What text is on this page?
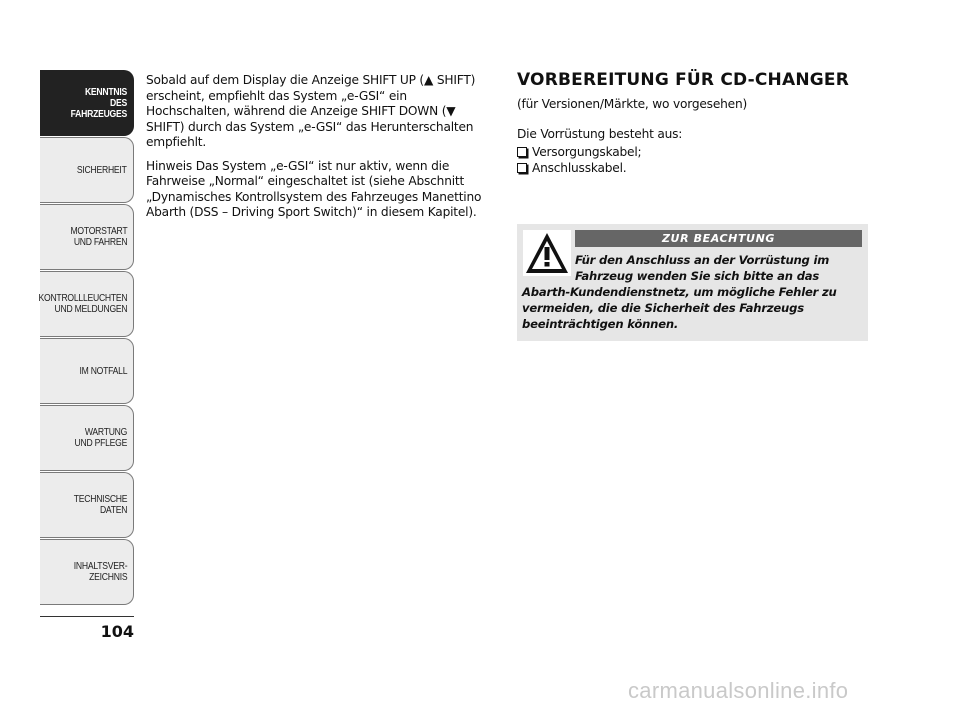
KENNTNIS
DES FAHRZEUGES
SICHERHEIT
MOTORSTART
UND FAHREN
KONTROLLLEUCHTEN
UND MELDUNGEN
IM NOTFALL
WARTUNG
UND PFLEGE
TECHNISCHE
DATEN
INHALTSVER-
ZEICHNIS
104

Sobald auf dem Display die Anzeige SHIFT UP (▲ SHIFT) erscheint, empfiehlt das System „e-GSI“ ein Hochschalten, während die Anzeige SHIFT DOWN (▼ SHIFT) durch das System „e-GSI“ das Herunterschalten empfiehlt.

Hinweis Das System „e-GSI“ ist nur aktiv, wenn die Fahrweise „Normal“ eingeschaltet ist (siehe Abschnitt „Dynamisches Kontrollsystem des Fahrzeuges Manettino Abarth (DSS – Driving Sport Switch)“ in diesem Kapitel).

VORBEREITUNG FÜR CD-CHANGER
(für Versionen/Märkte, wo vorgesehen)
Die Vorrüstung besteht aus:
Versorgungskabel;
Anschlusskabel.
ZUR BEACHTUNG
Für den Anschluss an der Vorrüstung im
Fahrzeug wenden Sie sich bitte an das
Abarth-Kundendienstnetz, um mögliche Fehler zu vermeiden, die die Sicherheit des Fahrzeugs beeinträchtigen können.
carmanualsonline.info
